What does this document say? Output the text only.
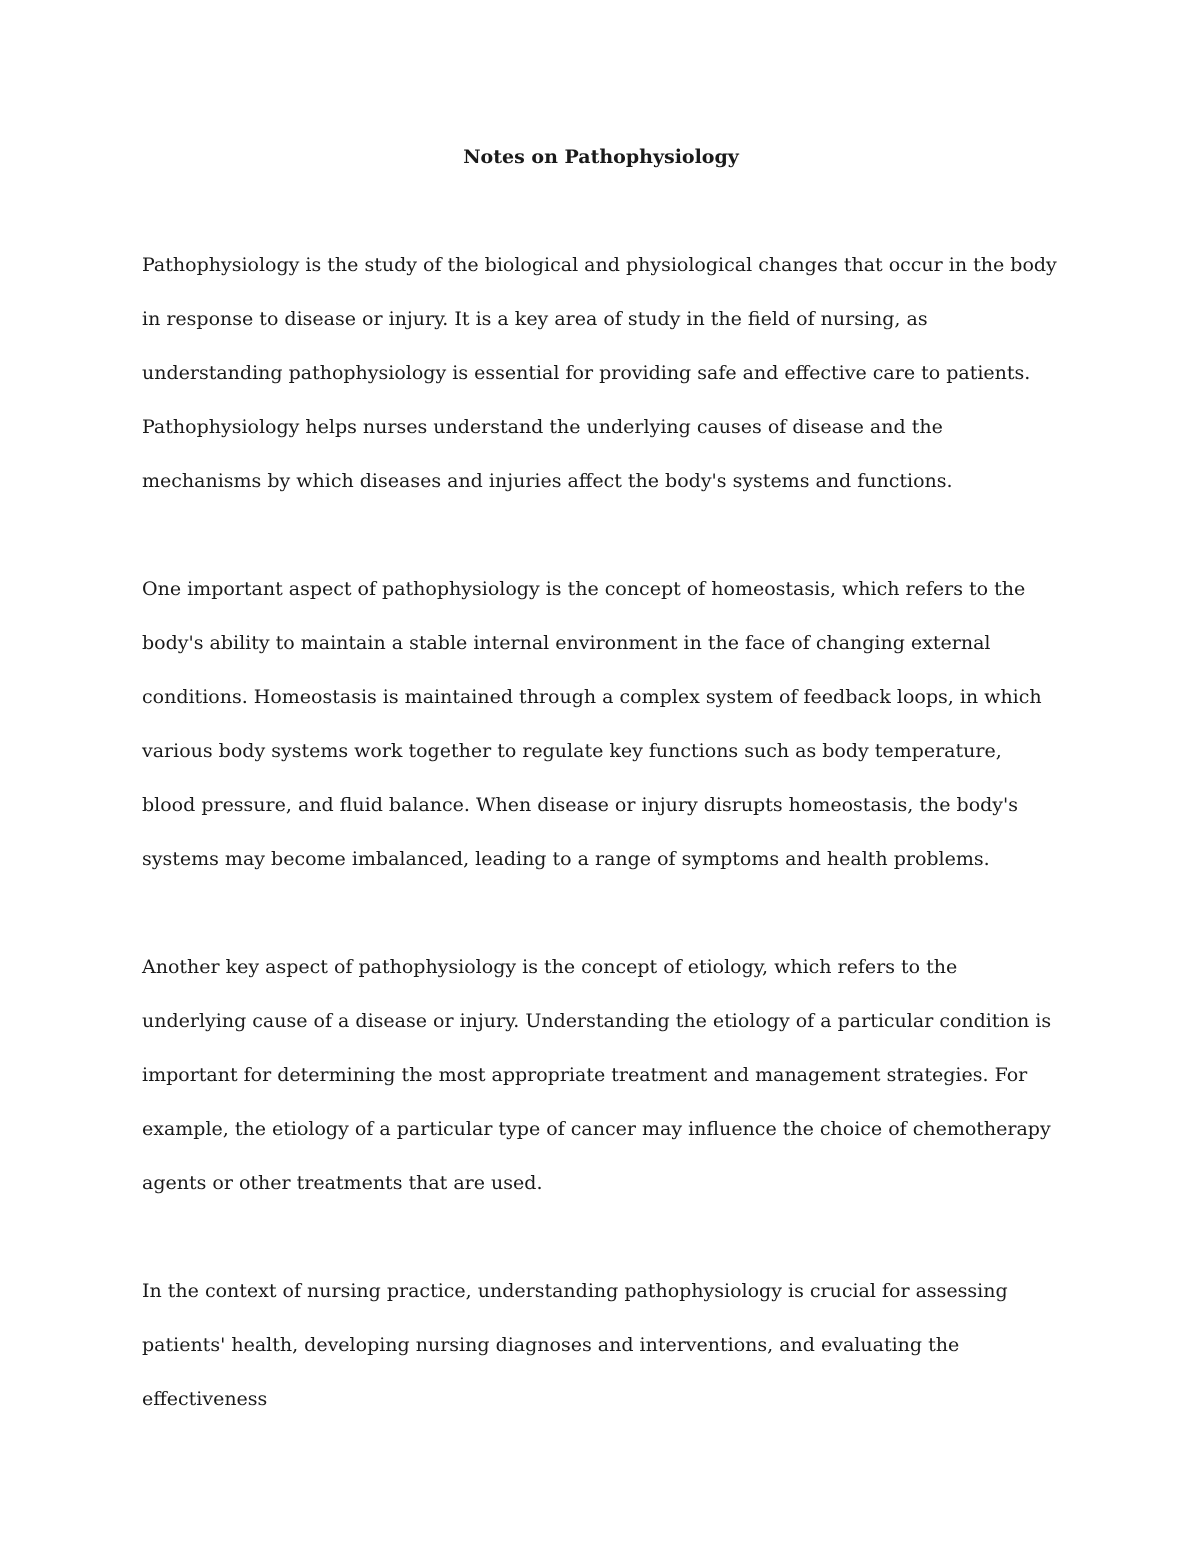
Notes on Pathophysiology

Pathophysiology is the study of the biological and physiological changes that occur in the body in response to disease or injury. It is a key area of study in the field of nursing, as understanding pathophysiology is essential for providing safe and effective care to patients. Pathophysiology helps nurses understand the underlying causes of disease and the mechanisms by which diseases and injuries affect the body's systems and functions.

One important aspect of pathophysiology is the concept of homeostasis, which refers to the body's ability to maintain a stable internal environment in the face of changing external conditions. Homeostasis is maintained through a complex system of feedback loops, in which various body systems work together to regulate key functions such as body temperature, blood pressure, and fluid balance. When disease or injury disrupts homeostasis, the body's systems may become imbalanced, leading to a range of symptoms and health problems.

Another key aspect of pathophysiology is the concept of etiology, which refers to the underlying cause of a disease or injury. Understanding the etiology of a particular condition is important for determining the most appropriate treatment and management strategies. For example, the etiology of a particular type of cancer may influence the choice of chemotherapy agents or other treatments that are used.

In the context of nursing practice, understanding pathophysiology is crucial for assessing patients' health, developing nursing diagnoses and interventions, and evaluating the effectiveness
